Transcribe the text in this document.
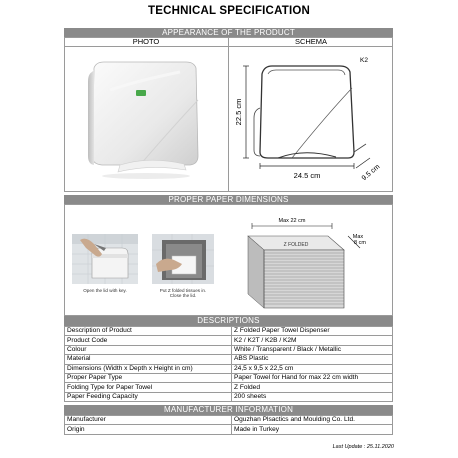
TECHNICAL SPECIFICATION
APPEARANCE OF THE PRODUCT
PHOTO	SCHEMA
K2
22.5 cm
24.5 cm	9.5 cm
PROPER PAPER DIMENSIONS
Open the lid with key.	Put Z folded tissues in.
Close the lid.
Max 22 cm
Z FOLDED
Max
8 cm
DESCRIPTIONS
Description of Product	Z Folded Paper Towel Dispenser
Product Code	K2 / K2T / K2B / K2M
Colour	White / Transparent / Black / Metallic
Material	ABS Plastic
Dimensions (Width x Depth x Height in cm)	24,5 x 9,5 x 22,5 cm
Proper Paper Type	Paper Towel for Hand for max 22 cm width
Folding Type for Paper Towel	Z Folded
Paper Feeding Capacity	200 sheets
MANUFACTURER INFORMATION
Manufacturer	Oguzhan Plsactics and Moulding Co. Ltd.
Origin	Made in Turkey
Last Update : 25.11.2020
